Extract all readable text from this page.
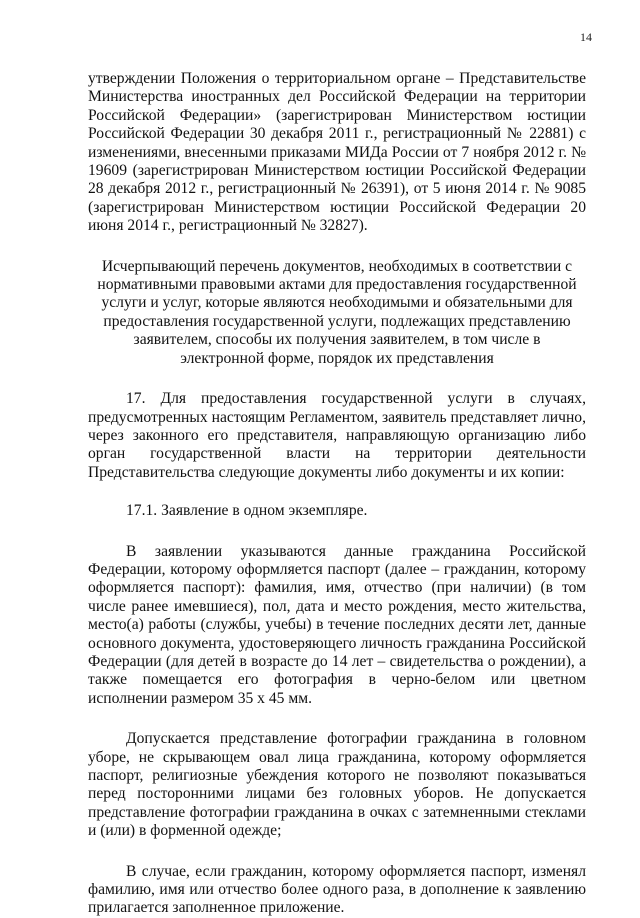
14

утверждении Положения о территориальном органе – Представительстве Министерства иностранных дел Российской Федерации на территории Российской Федерации» (зарегистрирован Министерством юстиции Российской Федерации 30 декабря 2011 г., регистрационный № 22881) с изменениями, внесенными приказами МИДа России от 7 ноября 2012 г. № 19609 (зарегистрирован Министерством юстиции Российской Федерации 28 декабря 2012 г., регистрационный № 26391), от 5 июня 2014 г. № 9085 (зарегистрирован Министерством юстиции Российской Федерации 20 июня 2014 г., регистрационный № 32827).

Исчерпывающий перечень документов, необходимых в соответствии с нормативными правовыми актами для предоставления государственной услуги и услуг, которые являются необходимыми и обязательными для предоставления государственной услуги, подлежащих представлению заявителем, способы их получения заявителем, в том числе в электронной форме, порядок их представления

17. Для предоставления государственной услуги в случаях, предусмотренных настоящим Регламентом, заявитель представляет лично, через законного его представителя, направляющую организацию либо орган государственной власти на территории деятельности Представительства следующие документы либо документы и их копии:

17.1. Заявление в одном экземпляре.

В заявлении указываются данные гражданина Российской Федерации, которому оформляется паспорт (далее – гражданин, которому оформляется паспорт): фамилия, имя, отчество (при наличии) (в том числе ранее имевшиеся), пол, дата и место рождения, место жительства, место(а) работы (службы, учебы) в течение последних десяти лет, данные основного документа, удостоверяющего личность гражданина Российской Федерации (для детей в возрасте до 14 лет – свидетельства о рождении), а также помещается его фотография в черно-белом или цветном исполнении размером 35 х 45 мм.

Допускается представление фотографии гражданина в головном уборе, не скрывающем овал лица гражданина, которому оформляется паспорт, религиозные убеждения которого не позволяют показываться перед посторонними лицами без головных уборов. Не допускается представление фотографии гражданина в очках с затемненными стеклами и (или) в форменной одежде;

В случае, если гражданин, которому оформляется паспорт, изменял фамилию, имя или отчество более одного раза, в дополнение к заявлению прилагается заполненное приложение.
